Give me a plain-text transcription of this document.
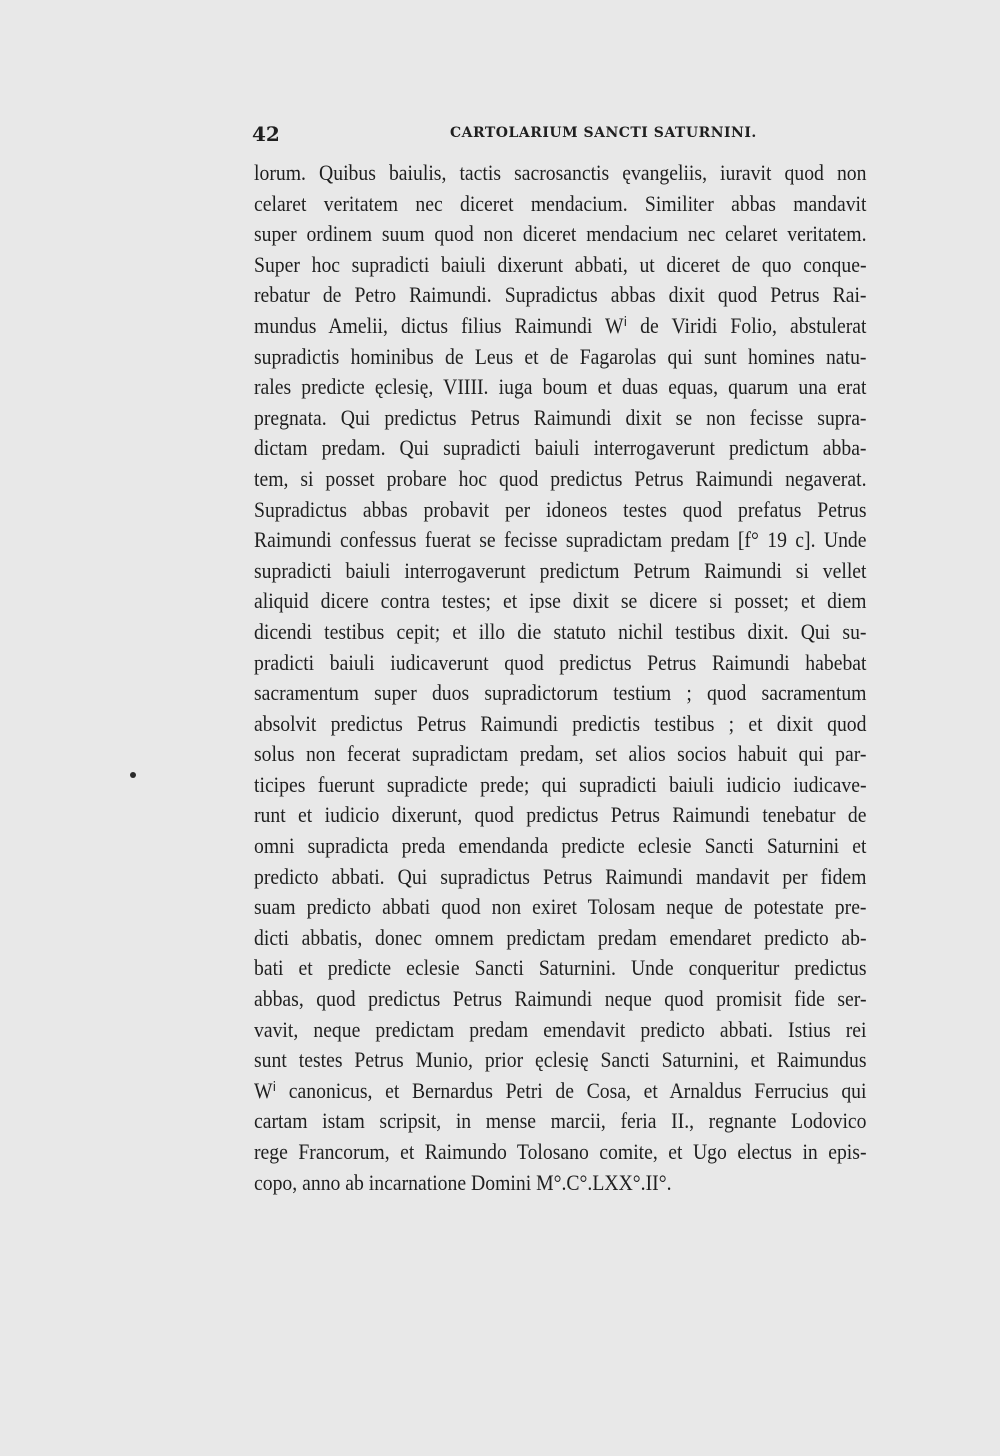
42	CARTOLARIUM SANCTI SATURNINI.
lorum. Quibus baiulis, tactis sacrosanctis ęvangeliis, iuravit quod non
celaret veritatem nec diceret mendacium. Similiter abbas mandavit
super ordinem suum quod non diceret mendacium nec celaret veritatem.
Super hoc supradicti baiuli dixerunt abbati, ut diceret de quo conque-
rebatur de Petro Raimundi. Supradictus abbas dixit quod Petrus Rai-
mundus Amelii, dictus filius Raimundi Wⁱ de Viridi Folio, abstulerat
supradictis hominibus de Leus et de Fagarolas qui sunt homines natu-
rales predicte ęclesię, VIIII. iuga boum et duas equas, quarum una erat
pregnata. Qui predictus Petrus Raimundi dixit se non fecisse supra-
dictam predam. Qui supradicti baiuli interrogaverunt predictum abba-
tem, si posset probare hoc quod predictus Petrus Raimundi negaverat.
Supradictus abbas probavit per idoneos testes quod prefatus Petrus
Raimundi confessus fuerat se fecisse supradictam predam [f° 19 c]. Unde
supradicti baiuli interrogaverunt predictum Petrum Raimundi si vellet
aliquid dicere contra testes; et ipse dixit se dicere si posset; et diem
dicendi testibus cepit; et illo die statuto nichil testibus dixit. Qui su-
pradicti baiuli iudicaverunt quod predictus Petrus Raimundi habebat
sacramentum super duos supradictorum testium ; quod sacramentum
absolvit predictus Petrus Raimundi predictis testibus ; et dixit quod
solus non fecerat supradictam predam, set alios socios habuit qui par-
ticipes fuerunt supradicte prede; qui supradicti baiuli iudicio iudicave-
runt et iudicio dixerunt, quod predictus Petrus Raimundi tenebatur de
omni supradicta preda emendanda predicte eclesie Sancti Saturnini et
predicto abbati. Qui supradictus Petrus Raimundi mandavit per fidem
suam predicto abbati quod non exiret Tolosam neque de potestate pre-
dicti abbatis, donec omnem predictam predam emendaret predicto ab-
bati et predicte eclesie Sancti Saturnini. Unde conqueritur predictus
abbas, quod predictus Petrus Raimundi neque quod promisit fide ser-
vavit, neque predictam predam emendavit predicto abbati. Istius rei
sunt testes Petrus Munio, prior ęclesię Sancti Saturnini, et Raimundus
Wⁱ canonicus, et Bernardus Petri de Cosa, et Arnaldus Ferrucius qui
cartam istam scripsit, in mense marcii, feria II., regnante Lodovico
rege Francorum, et Raimundo Tolosano comite, et Ugo electus in epis-
copo, anno ab incarnatione Domini M°.C°.LXX°.II°.
